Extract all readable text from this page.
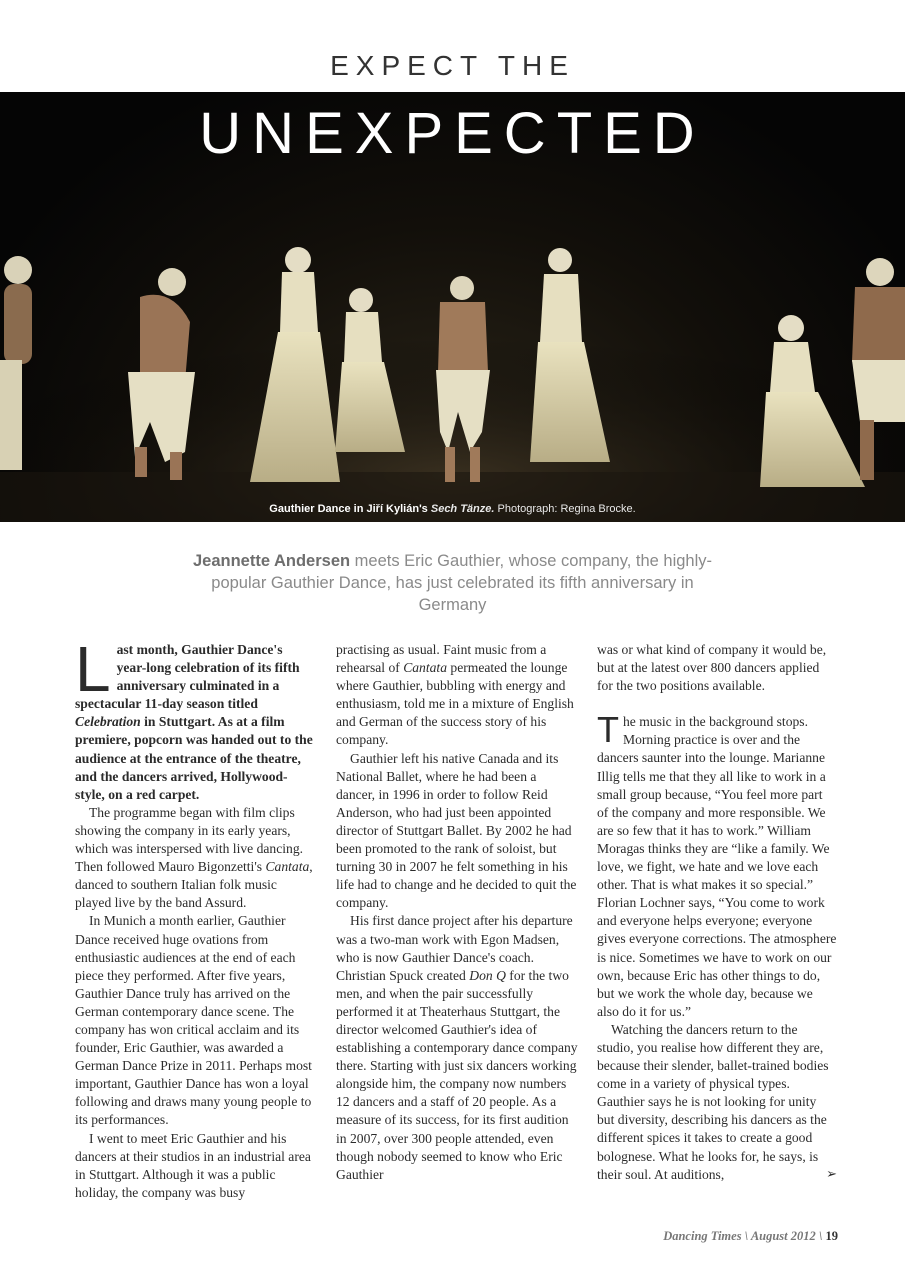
EXPECT THE
UNEXPECTED
Gauthier Dance in Jiří Kylián's Sech Tänze. Photograph: Regina Brocke.
Jeannette Andersen meets Eric Gauthier, whose company, the highly-popular Gauthier Dance, has just celebrated its fifth anniversary in Germany

Last month, Gauthier Dance's year-long celebration of its fifth anniversary culminated in a spectacular 11-day season titled Celebration in Stuttgart. As at a film premiere, popcorn was handed out to the audience at the entrance of the theatre, and the dancers arrived, Hollywood-style, on a red carpet.

The programme began with film clips showing the company in its early years, which was interspersed with live dancing. Then followed Mauro Bigonzetti's Cantata, danced to southern Italian folk music played live by the band Assurd.

In Munich a month earlier, Gauthier Dance received huge ovations from enthusiastic audiences at the end of each piece they performed. After five years, Gauthier Dance truly has arrived on the German contemporary dance scene. The company has won critical acclaim and its founder, Eric Gauthier, was awarded a German Dance Prize in 2011. Perhaps most important, Gauthier Dance has won a loyal following and draws many young people to its performances.

I went to meet Eric Gauthier and his dancers at their studios in an industrial area in Stuttgart. Although it was a public holiday, the company was busy

practising as usual. Faint music from a rehearsal of Cantata permeated the lounge where Gauthier, bubbling with energy and enthusiasm, told me in a mixture of English and German of the success story of his company.

Gauthier left his native Canada and its National Ballet, where he had been a dancer, in 1996 in order to follow Reid Anderson, who had just been appointed director of Stuttgart Ballet. By 2002 he had been promoted to the rank of soloist, but turning 30 in 2007 he felt something in his life had to change and he decided to quit the company.

His first dance project after his departure was a two-man work with Egon Madsen, who is now Gauthier Dance's coach. Christian Spuck created Don Q for the two men, and when the pair successfully performed it at Theaterhaus Stuttgart, the director welcomed Gauthier's idea of establishing a contemporary dance company there. Starting with just six dancers working alongside him, the company now numbers 12 dancers and a staff of 20 people. As a measure of its success, for its first audition in 2007, over 300 people attended, even though nobody seemed to know who Eric Gauthier

was or what kind of company it would be, but at the latest over 800 dancers applied for the two positions available.

The music in the background stops. Morning practice is over and the dancers saunter into the lounge. Marianne Illig tells me that they all like to work in a small group because, “You feel more part of the company and more responsible. We are so few that it has to work.” William Moragas thinks they are “like a family. We love, we fight, we hate and we love each other. That is what makes it so special.” Florian Lochner says, “You come to work and everyone helps everyone; everyone gives everyone corrections. The atmosphere is nice. Sometimes we have to work on our own, because Eric has other things to do, but we work the whole day, because we also do it for us.”

Watching the dancers return to the studio, you realise how different they are, because their slender, ballet-trained bodies come in a variety of physical types. Gauthier says he is not looking for unity but diversity, describing his dancers as the different spices it takes to create a good bolognese. What he looks for, he says, is their soul. At auditions,	➢

Dancing Times \ August 2012 \ 19
